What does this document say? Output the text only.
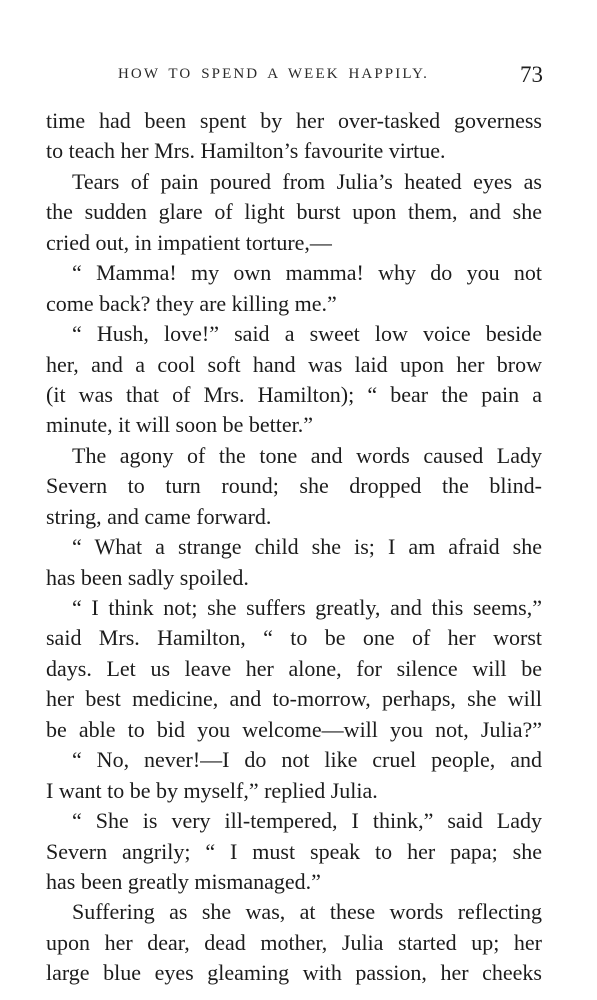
HOW TO SPEND A WEEK HAPPILY.	73
time had been spent by her over-tasked governess
to teach her Mrs. Hamilton’s favourite virtue.
Tears of pain poured from Julia’s heated eyes as
the sudden glare of light burst upon them, and she
cried out, in impatient torture,—
“ Mamma! my own mamma! why do you not
come back? they are killing me.”
“ Hush, love!” said a sweet low voice beside
her, and a cool soft hand was laid upon her brow
(it was that of Mrs. Hamilton); “ bear the pain a
minute, it will soon be better.”
The agony of the tone and words caused Lady
Severn to turn round; she dropped the blind-
string, and came forward.
“ What a strange child she is; I am afraid she
has been sadly spoiled.
“ I think not; she suffers greatly, and this seems,”
said Mrs. Hamilton, “ to be one of her worst
days. Let us leave her alone, for silence will be
her best medicine, and to-morrow, perhaps, she will
be able to bid you welcome—will you not, Julia?”
“ No, never!—I do not like cruel people, and
I want to be by myself,” replied Julia.
“ She is very ill-tempered, I think,” said Lady
Severn angrily; “ I must speak to her papa; she
has been greatly mismanaged.”
Suffering as she was, at these words reflecting
upon her dear, dead mother, Julia started up; her
large blue eyes gleaming with passion, her cheeks
